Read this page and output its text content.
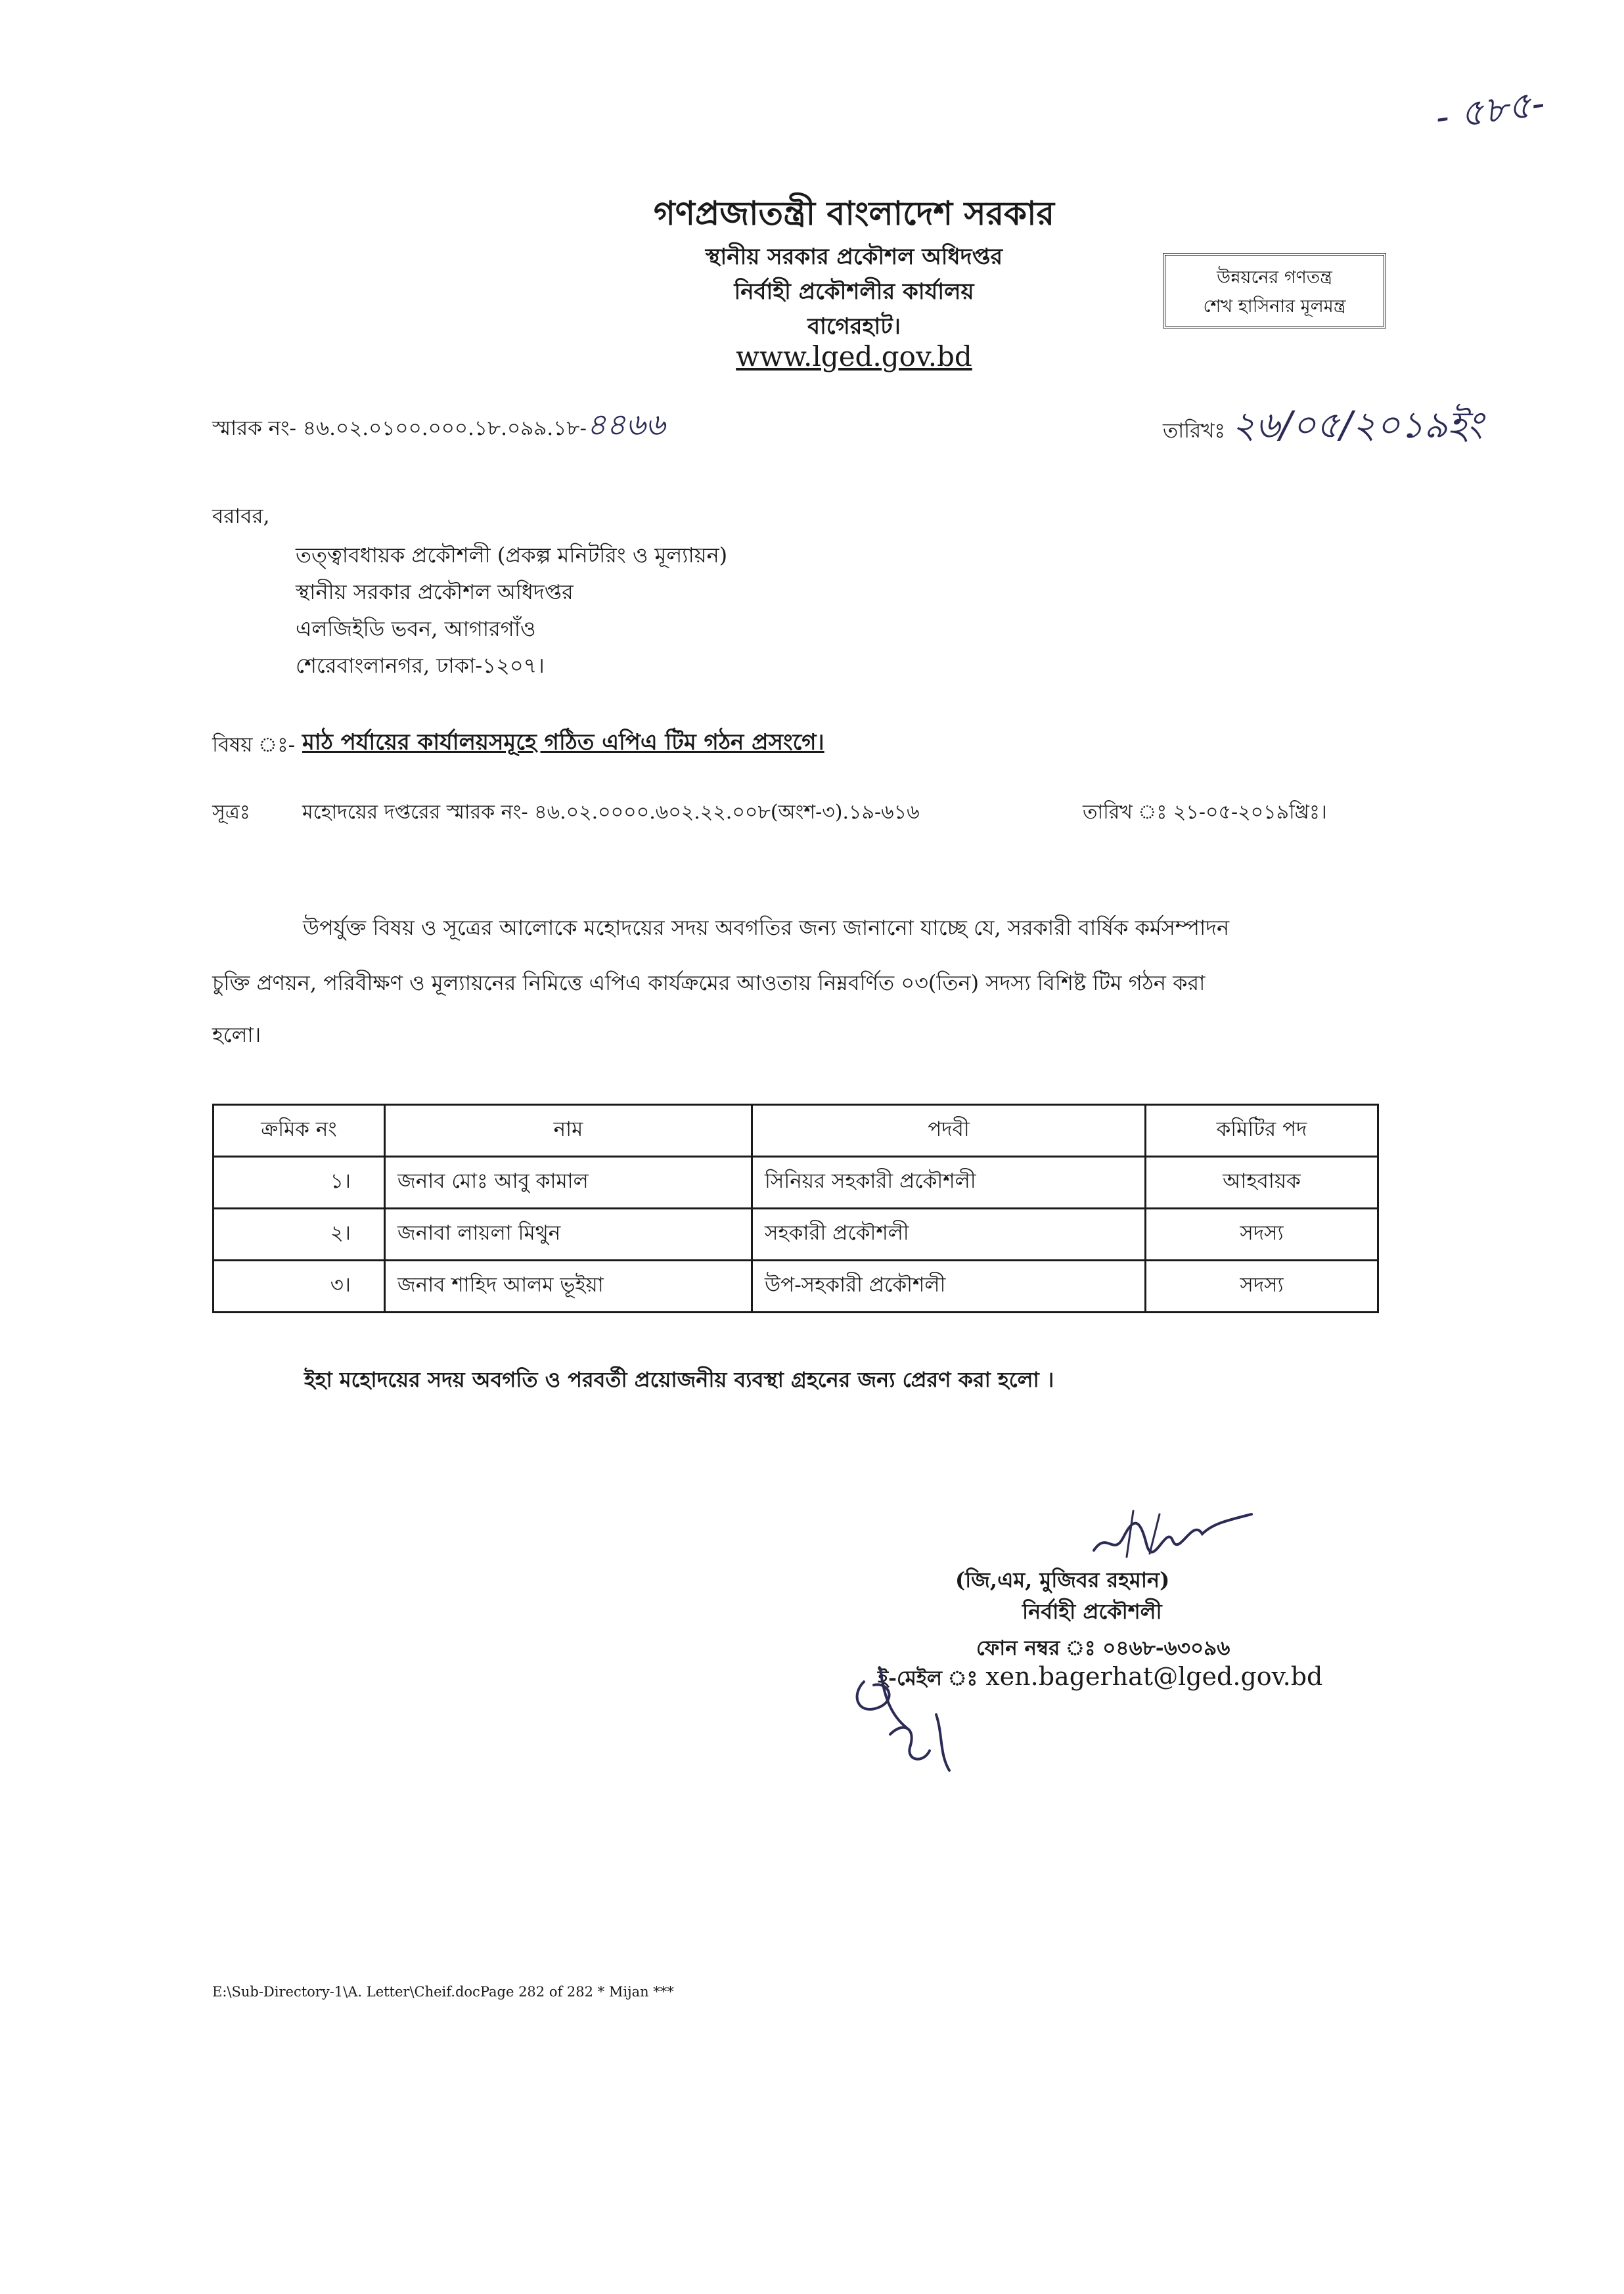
- ৫৮৫-
গণপ্রজাতন্ত্রী বাংলাদেশ সরকার
স্থানীয় সরকার প্রকৌশল অধিদপ্তর
নির্বাহী প্রকৌশলীর কার্যালয়
বাগেরহাট।
www.lged.gov.bd
উন্নয়নের গণতন্ত্র
শেখ হাসিনার মূলমন্ত্র
স্মারক নং- ৪৬.০২.০১০০.০০০.১৮.০৯৯.১৮-৪৪৬৬	তারিখঃ ২৬/০৫/২০১৯ইং
বরাবর,
তত্ত্বাবধায়ক প্রকৌশলী (প্রকল্প মনিটরিং ও মূল্যায়ন)
স্থানীয় সরকার প্রকৌশল অধিদপ্তর
এলজিইডি ভবন, আগারগাঁও
শেরেবাংলানগর, ঢাকা-১২০৭।
বিষয় ঃ- মাঠ পর্যায়ের কার্যালয়সমূহে গঠিত এপিএ টিম গঠন প্রসংগে।
সূত্রঃ	মহোদয়ের দপ্তরের স্মারক নং- ৪৬.০২.০০০০.৬০২.২২.০০৮(অংশ-৩).১৯-৬১৬	তারিখ ঃ ২১-০৫-২০১৯খ্রিঃ।
উপর্যুক্ত বিষয় ও সূত্রের আলোকে মহোদয়ের সদয় অবগতির জন্য জানানো যাচ্ছে যে, সরকারী বার্ষিক কর্মসম্পাদন
চুক্তি প্রণয়ন, পরিবীক্ষণ ও মূল্যায়নের নিমিত্তে এপিএ কার্যক্রমের আওতায় নিম্নবর্ণিত ০৩(তিন) সদস্য বিশিষ্ট টিম গঠন করা
হলো।
ক্রমিক নং	নাম	পদবী	কমিটির পদ
১।	জনাব মোঃ আবু কামাল	সিনিয়র সহকারী প্রকৌশলী	আহবায়ক
২।	জনাবা লায়লা মিথুন	সহকারী প্রকৌশলী	সদস্য
৩।	জনাব শাহিদ আলম ভূইয়া	উপ-সহকারী প্রকৌশলী	সদস্য
ইহা মহোদয়ের সদয় অবগতি ও পরবর্তী প্রয়োজনীয় ব্যবস্থা গ্রহনের জন্য প্রেরণ করা হলো ।
(জি,এম, মুজিবর রহমান)
নির্বাহী প্রকৌশলী
ফোন নম্বর ঃ ০৪৬৮-৬৩০৯৬
ই-মেইল ঃ xen.bagerhat@lged.gov.bd
E:\Sub-Directory-1\A. Letter\Cheif.docPage 282 of 282 * Mijan ***
